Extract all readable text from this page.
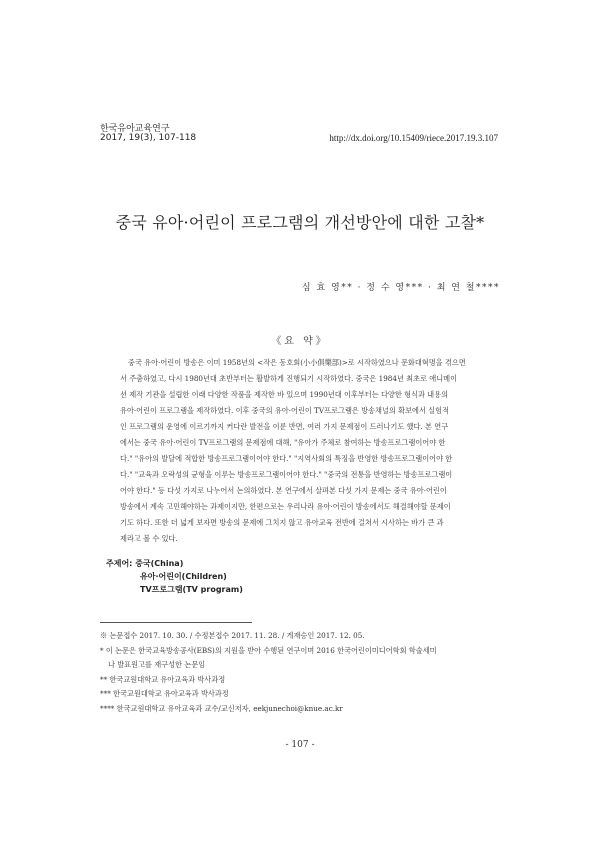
한국유아교육연구
2017, 19(3), 107-118	http://dx.doi.org/10.15409/riece.2017.19.3.107
중국 유아·어린이 프로그램의 개선방안에 대한 고찰*
심 효 영** · 정 수 영*** · 최 연 철****
《요 약》
중국 유아·어린이 방송은 이미 1958년의 <작은 동호회(小小俱樂部)>로 시작하였으나 문화대혁명을 겪으면
서 주춤하였고, 다시 1980년대 초반부터는 활발하게 진행되기 시작하였다. 중국은 1984년 최초로 애니메이
션 제작 기관을 설립한 이래 다양한 작품을 제작한 바 있으며 1990년대 이후부터는 다양한 형식과 내용의
유아·어린이 프로그램을 제작하였다. 이후 중국의 유아·어린이 TV프로그램은 방송채널의 확보에서 실험적
인 프로그램의 운영에 이르기까지 커다란 발전을 이룬 반면, 여러 가지 문제점이 드러나기도 했다. 본 연구
에서는 중국 유아·어린이 TV프로그램의 문제점에 대해, "유아가 주체로 참여하는 방송프로그램이어야 한
다." "유아의 발달에 적합한 방송프로그램이어야 한다." "지역사회의 특징을 반영한 방송프로그램이어야 한
다." "교육과 오락성의 균형을 이루는 방송프로그램이어야 한다." "중국의 전통을 반영하는 방송프로그램이
어야 한다." 등 다섯 가지로 나누어서 논의하였다. 본 연구에서 살펴본 다섯 가지 문제는 중국 유아·어린이
방송에서 계속 고민해야하는 과제이지만, 한편으로는 우리나라 유아·어린이 방송에서도 해결해야할 문제이
기도 하다. 또한 더 넓게 보자면 방송의 문제에 그치지 않고 유아교육 전반에 걸쳐서 시사하는 바가 큰 과
제라고 볼 수 있다.
주제어: 중국(China)
유아·어린이(Children)
TV프로그램(TV program)
※ 논문접수 2017. 10. 30. / 수정본접수 2017. 11. 28. / 게재승인 2017. 12. 05.
* 이 논문은 한국교육방송공사(EBS)의 지원을 받아 수행된 연구이며 2016 한국어린이미디어학회 학술세미
나 발표원고를 재구성한 논문임
** 한국교원대학교 유아교육과 박사과정
*** 한국교원대학교 유아교육과 박사과정
**** 한국교원대학교 유아교육과 교수/교신저자, eekjunechoi@knue.ac.kr
- 107 -
